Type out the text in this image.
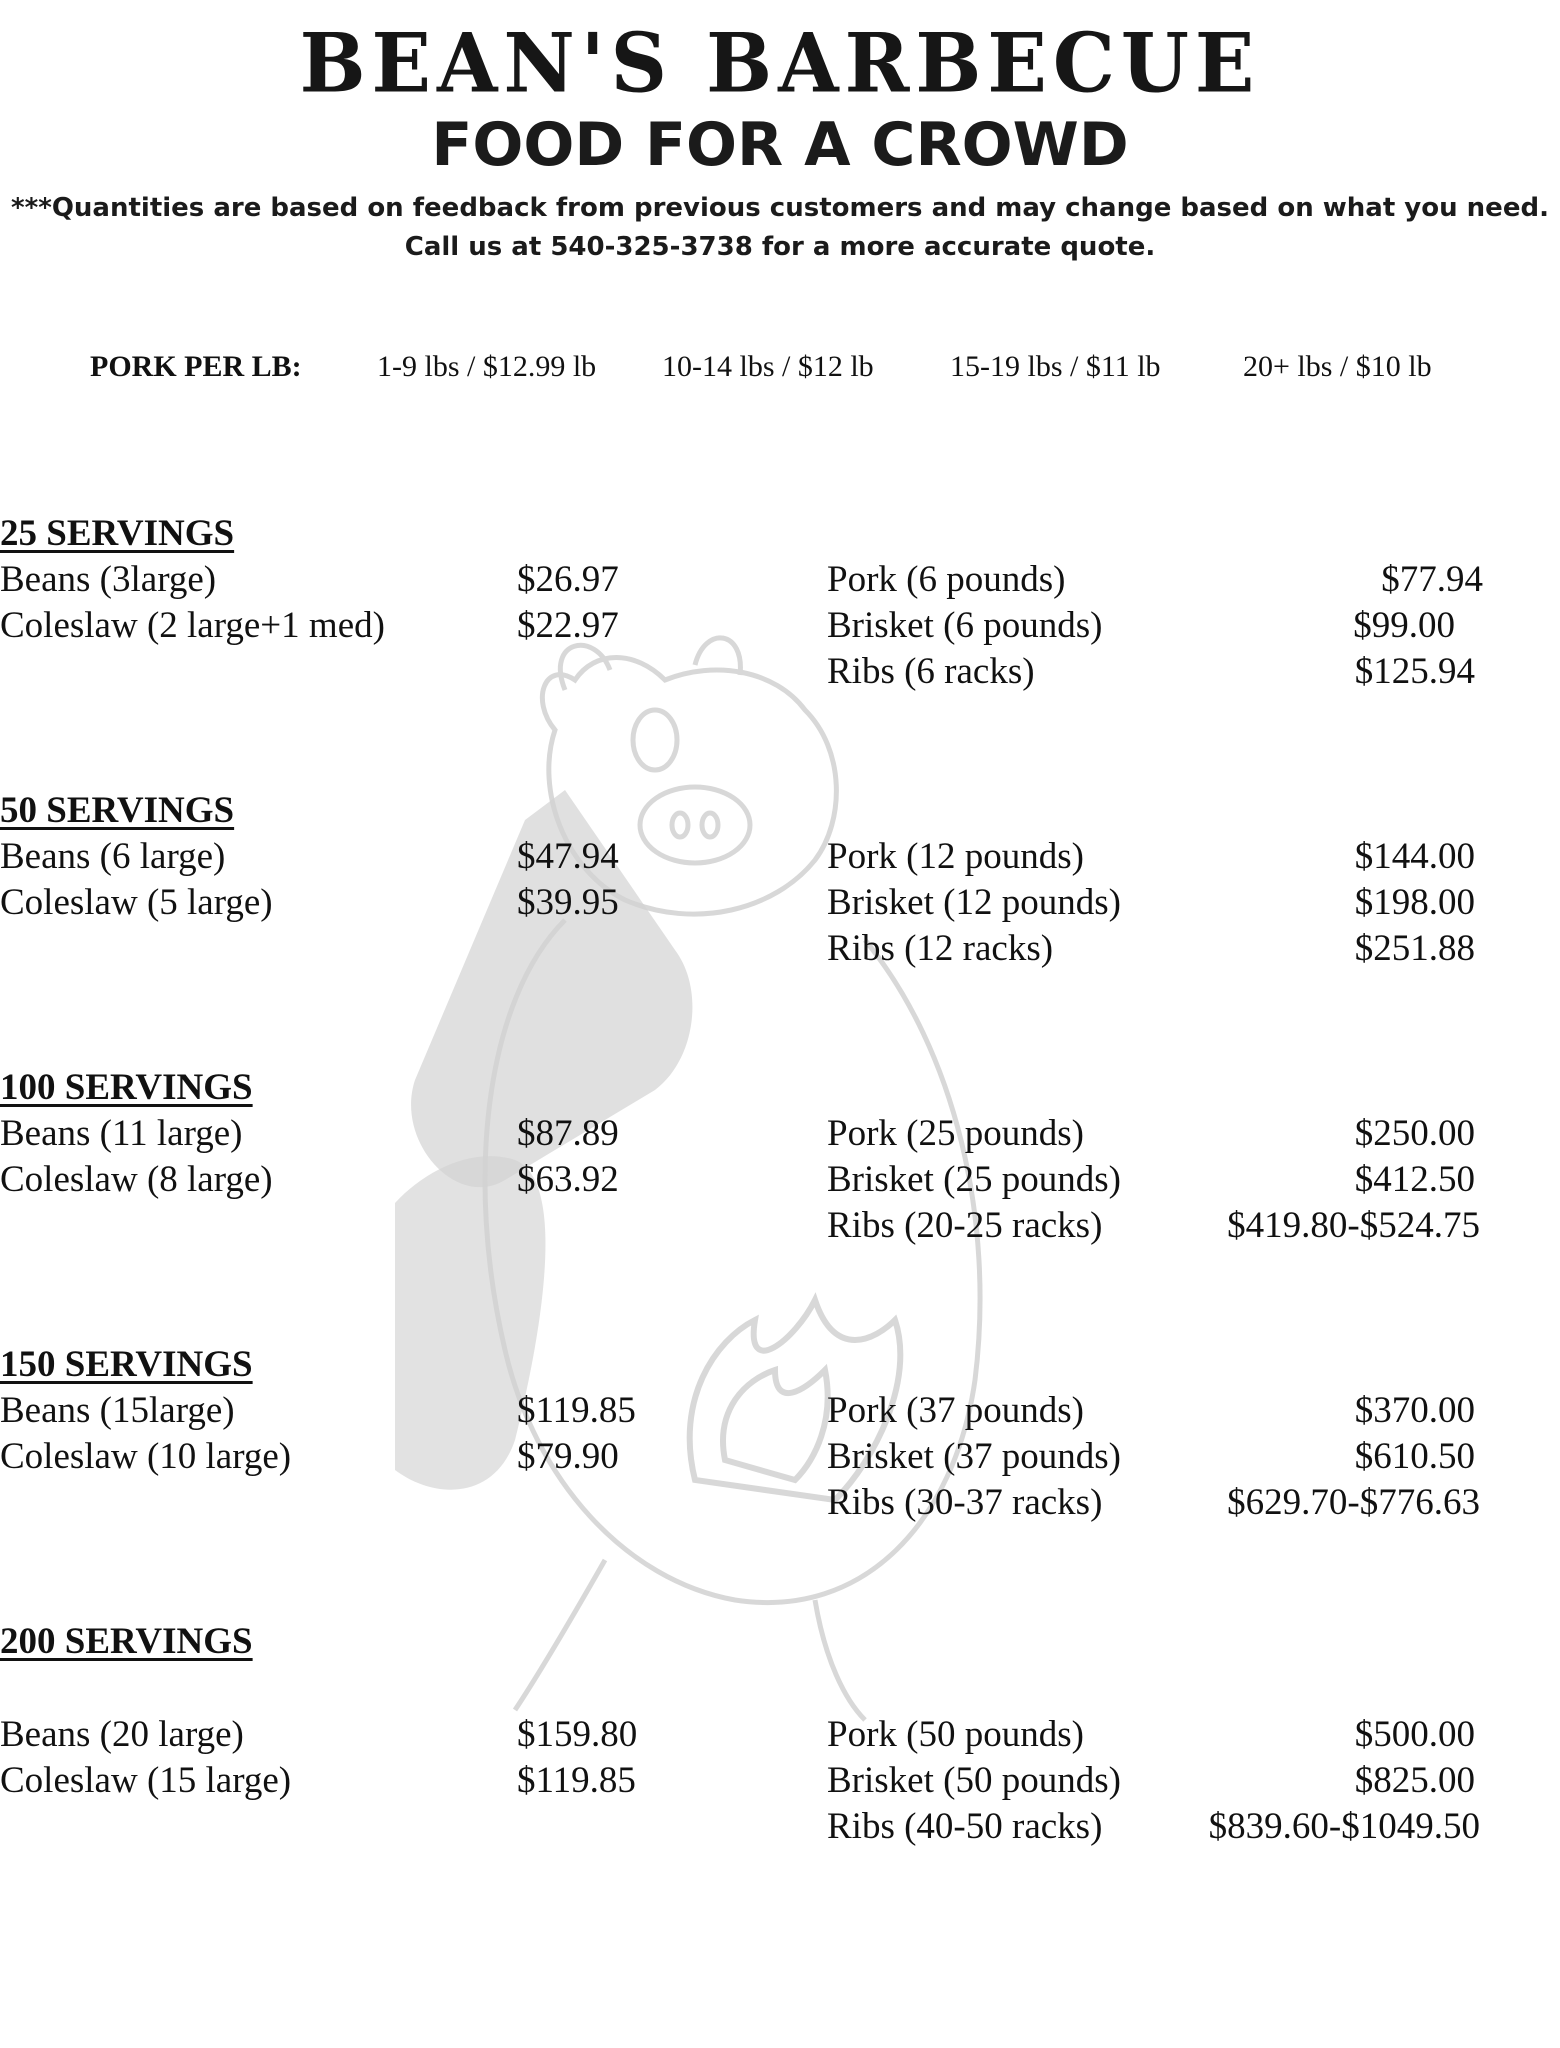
BEAN'S BARBECUE
FOOD FOR A CROWD
***Quantities are based on feedback from previous customers and may change based on what you need.
Call us at 540-325-3738 for a more accurate quote.
PORK PER LB:	1-9 lbs / $12.99 lb 10-14 lbs / $12 lb	15-19 lbs / $11 lb	20+ lbs / $10 lb
25 SERVINGS
Beans (3large)	$26.97
Coleslaw (2 large+1 med)	$22.97
Pork (6 pounds)	$77.94
Brisket (6 pounds)	$99.00
Ribs (6 racks)	$125.94
50 SERVINGS
Beans (6 large)	$47.94
Coleslaw (5 large)	$39.95
Pork (12 pounds)	$144.00
Brisket (12 pounds)	$198.00
Ribs (12 racks)	$251.88
100 SERVINGS
Beans (11 large)	$87.89
Coleslaw (8 large)	$63.92
Pork (25 pounds)	$250.00
Brisket (25 pounds)	$412.50
Ribs (20-25 racks)	$419.80-$524.75
150 SERVINGS
Beans (15large)	$119.85
Coleslaw (10 large)	$79.90
Pork (37 pounds)	$370.00
Brisket (37 pounds)	$610.50
Ribs (30-37 racks)	$629.70-$776.63
200 SERVINGS
Beans (20 large)	$159.80
Coleslaw (15 large)	$119.85
Pork (50 pounds)	$500.00
Brisket (50 pounds)	$825.00
Ribs (40-50 racks)	$839.60-$1049.50
